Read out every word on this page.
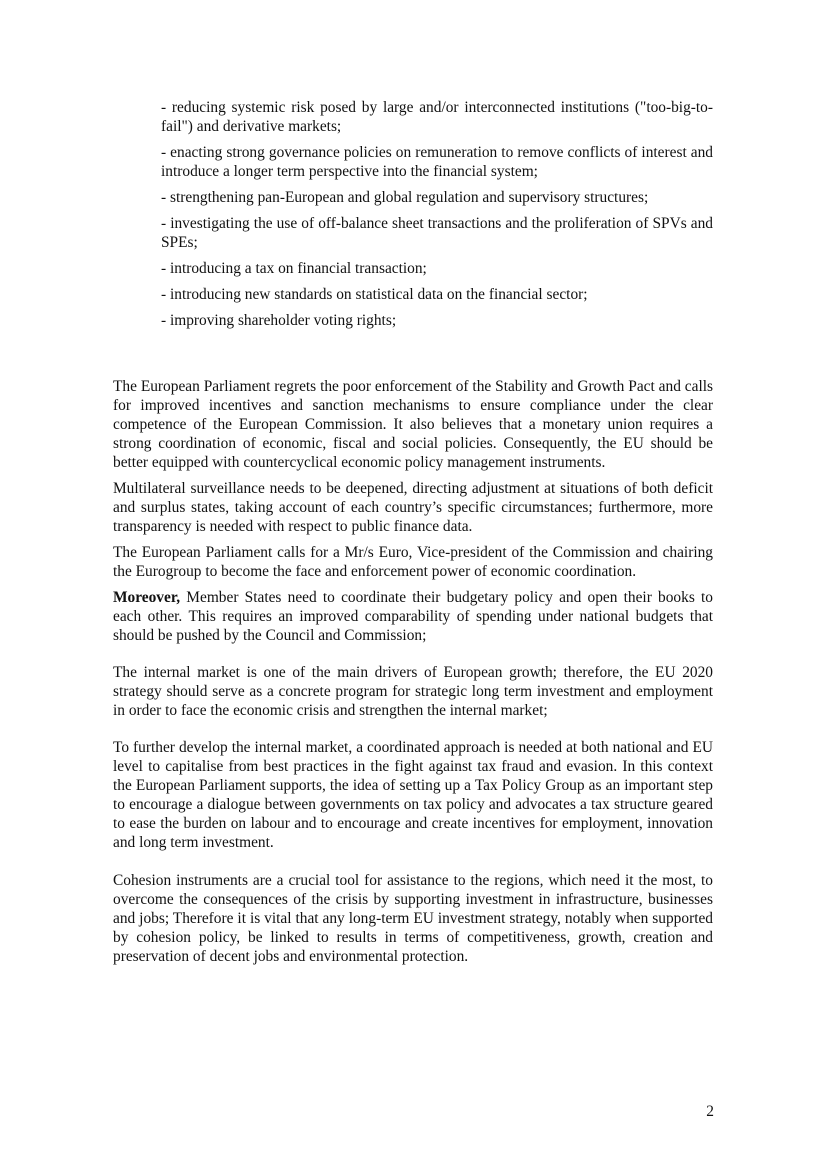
- reducing systemic risk posed by large and/or interconnected institutions ("too-big-to-fail") and derivative markets;

- enacting strong governance policies on remuneration to remove conflicts of interest and introduce a longer term perspective into the financial system;

- strengthening pan-European and global regulation and supervisory structures;

- investigating the use of off-balance sheet transactions and the proliferation of SPVs and SPEs;

- introducing a tax on financial transaction;

- introducing new standards on statistical data on the financial sector;

- improving shareholder voting rights;

The European Parliament regrets the poor enforcement of the Stability and Growth Pact and calls for improved incentives and sanction mechanisms to ensure compliance under the clear competence of the European Commission. It also believes that a monetary union requires a strong coordination of economic, fiscal and social policies. Consequently, the EU should be better equipped with countercyclical economic policy management instruments.

Multilateral surveillance needs to be deepened, directing adjustment at situations of both deficit and surplus states, taking account of each country’s specific circumstances; furthermore, more transparency is needed with respect to public finance data.

The European Parliament calls for a Mr/s Euro, Vice-president of the Commission and chairing the Eurogroup to become the face and enforcement power of economic coordination.

Moreover, Member States need to coordinate their budgetary policy and open their books to each other. This requires an improved comparability of spending under national budgets that should be pushed by the Council and Commission;

The internal market is one of the main drivers of European growth; therefore, the EU 2020 strategy should serve as a concrete program for strategic long term investment and employment in order to face the economic crisis and strengthen the internal market;

To further develop the internal market, a coordinated approach is needed at both national and EU level to capitalise from best practices in the fight against tax fraud and evasion. In this context the European Parliament supports, the idea of setting up a Tax Policy Group as an important step to encourage a dialogue between governments on tax policy and advocates a tax structure geared to ease the burden on labour and to encourage and create incentives for employment, innovation and long term investment.

Cohesion instruments are a crucial tool for assistance to the regions, which need it the most, to overcome the consequences of the crisis by supporting investment in infrastructure, businesses and jobs; Therefore it is vital that any long-term EU investment strategy, notably when supported by cohesion policy, be linked to results in terms of competitiveness, growth, creation and preservation of decent jobs and environmental protection.

2
